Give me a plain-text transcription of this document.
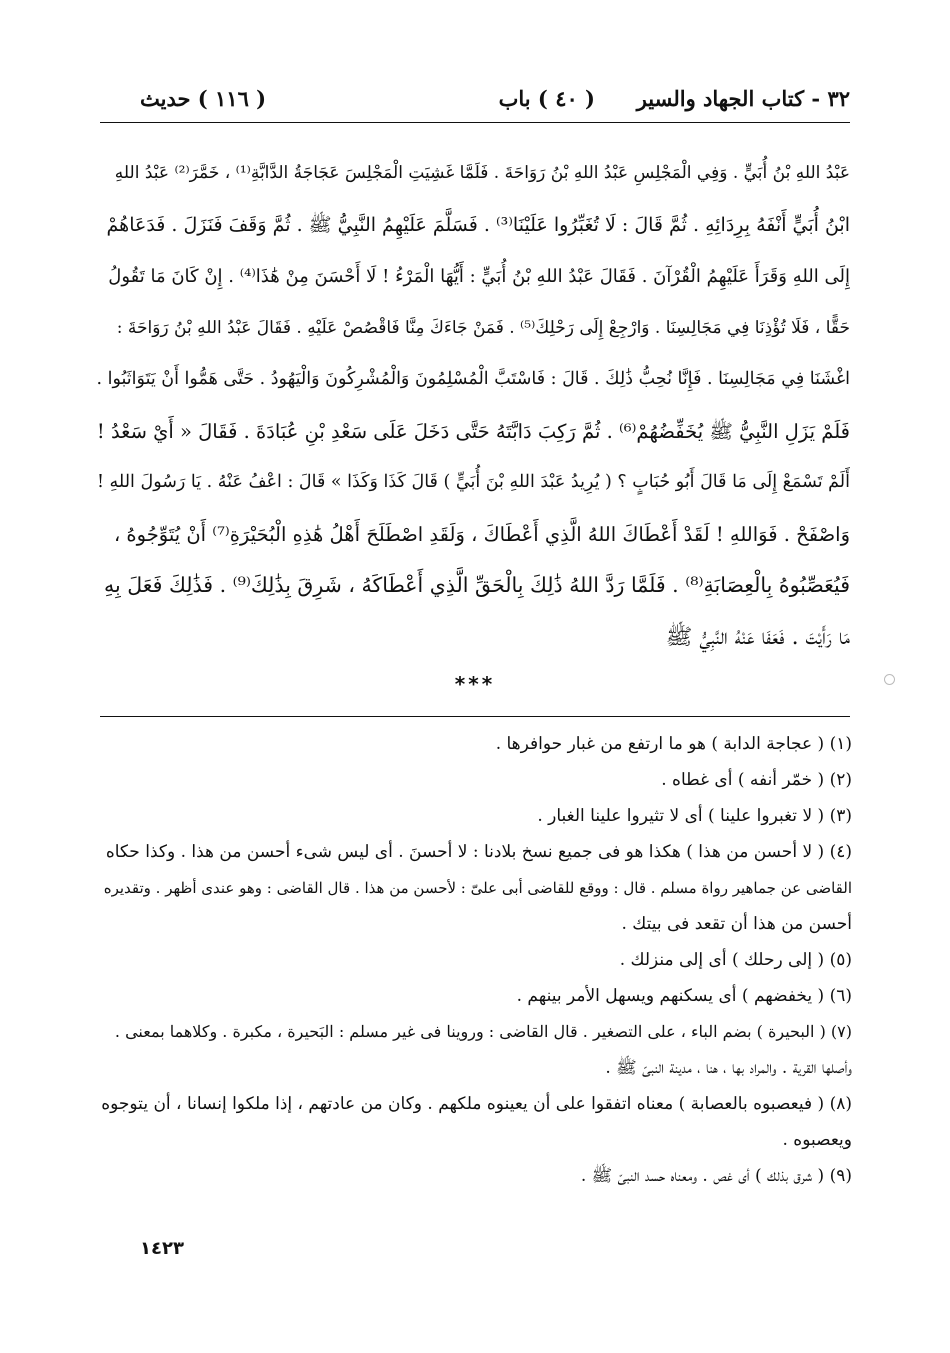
٣٢ - كتاب الجهاد والسير
( ٤٠ ) باب
( ١١٦ ) حديث
عَبْدُ اللهِ بْنُ أُبَيٍّ . وَفِي الْمَجْلِسِ عَبْدُ اللهِ بْنُ رَوَاحَةَ . فَلَمَّا غَشِيَتِ الْمَجْلِسَ عَجَاجَةُ الدَّابَّةِ⁽¹⁾ ، خَمَّرَ⁽²⁾ عَبْدُ اللهِ
ابْنُ أُبَيٍّ أَنْفَهُ بِرِدَائِهِ . ثُمَّ قَالَ : لَا تُغَبِّرُوا عَلَيْنَا⁽³⁾ . فَسَلَّمَ عَلَيْهِمُ النَّبِيُّ ﷺ . ثُمَّ وَقَفَ فَنَزَلَ . فَدَعَاهُمْ
إِلَى اللهِ وَقَرَأَ عَلَيْهِمُ الْقُرْآنَ . فَقَالَ عَبْدُ اللهِ بْنُ أُبَيٍّ : أَيُّهَا الْمَرْءُ ! لَا أَحْسَنَ مِنْ هَٰذَا⁽⁴⁾ . إِنْ كَانَ مَا تَقُولُ
حَقًّا ، فَلَا تُؤْذِنَا فِي مَجَالِسِنَا . وَارْجِعْ إِلَى رَحْلِكَ⁽⁵⁾ . فَمَنْ جَاءَكَ مِنَّا فَاقْصُصْ عَلَيْهِ . فَقَالَ عَبْدُ اللهِ بْنُ رَوَاحَةَ :
اغْشَنَا فِي مَجَالِسِنَا . فَإِنَّا نُحِبُّ ذَٰلِكَ . قَالَ : فَاسْتَبَّ الْمُسْلِمُونَ وَالْمُشْرِكُونَ وَالْيَهُودُ . حَتَّى هَمُّوا أَنْ يَتَوَاثَبُوا .
فَلَمْ يَزَلِ النَّبِيُّ ﷺ يُخَفِّضُهُمْ⁽⁶⁾ . ثُمَّ رَكِبَ دَابَّتَهُ حَتَّى دَخَلَ عَلَى سَعْدِ بْنِ عُبَادَةَ . فَقَالَ « أَيْ سَعْدُ !
أَلَمْ تَسْمَعْ إِلَى مَا قَالَ أَبُو حُبَابٍ ؟ ( يُرِيدُ عَبْدَ اللهِ بْنَ أُبَيٍّ ) قَالَ كَذَا وَكَذَا » قَالَ : اعْفُ عَنْهُ . يَا رَسُولَ اللهِ !
وَاصْفَحْ . فَوَاللهِ ! لَقَدْ أَعْطَاكَ اللهُ الَّذِي أَعْطَاكَ ، وَلَقَدِ اصْطَلَحَ أَهْلُ هَٰذِهِ الْبُحَيْرَةِ⁽⁷⁾ أَنْ يُتَوِّجُوهُ ،
فَيُعَصِّبُوهُ بِالْعِصَابَةِ⁽⁸⁾ . فَلَمَّا رَدَّ اللهُ ذَٰلِكَ بِالْحَقِّ الَّذِي أَعْطَاكَهُ ، شَرِقَ بِذَٰلِكَ⁽⁹⁾ . فَذَٰلِكَ فَعَلَ بِهِ
مَا رَأَيْتَ . فَعَفَا عَنْهُ النَّبِيُّ ﷺ
***
(١) ( عجاجة الدابة ) هو ما ارتفع من غبار حوافرها .
(٢) ( خمّر أنفه ) أى غطاه .
(٣) ( لا تغبروا علينا ) أى لا تثيروا علينا الغبار .
(٤) ( لا أحسن من هذا ) هكذا هو فى جميع نسخ بلادنا : لا أحسنَ . أى ليس شىء أحسن من هذا . وكذا حكاه
القاضى عن جماهير رواة مسلم . قال : ووقع للقاضى أبى علىّ : لأحسن من هذا . قال القاضى : وهو عندى أظهر . وتقديره
أحسن من هذا أن تقعد فى بيتك .
(٥) ( إلى رحلك ) أى إلى منزلك .
(٦) ( يخفضهم ) أى يسكنهم ويسهل الأمر بينهم .
(٧) ( البحيرة ) بضم الباء ، على التصغير . قال القاضى : وروينا فى غير مسلم : البَحيرة ، مكبرة . وكلاهما بمعنى .
وأصلها القرية . والمراد بها ، هنا ، مدينة النبىّ ﷺ .
(٨) ( فيعصبوه بالعصابة ) معناه اتفقوا على أن يعينوه ملكهم . وكان من عادتهم ، إذا ملكوا إنسانا ، أن يتوجوه
ويعصبوه .
(٩) ( شرق بذلك ) أى غص . ومعناه حسد النبىّ ﷺ .
١٤٢٣
